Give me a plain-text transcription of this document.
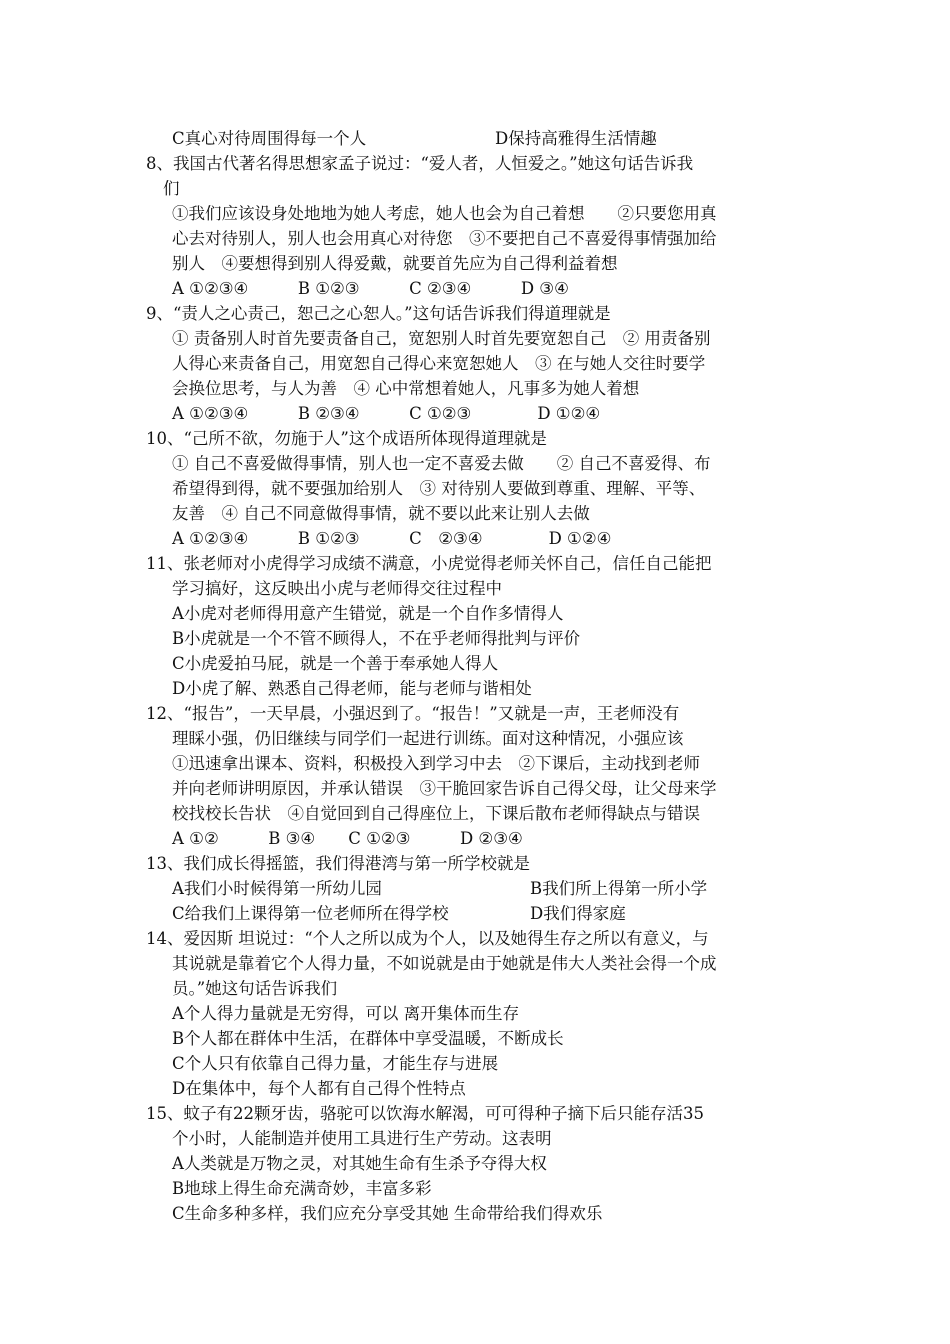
C真心对待周围得每一个人	D保持高雅得生活情趣
8、我国古代著名得思想家孟子说过：“爱人者，人恒爱之。”她这句话告诉我
们
①我们应该设身处地地为她人考虑，她人也会为自己着想　　②只要您用真
心去对待别人，别人也会用真心对待您　③不要把自己不喜爱得事情强加给
别人　④要想得到别人得爱戴，就要首先应为自己得利益着想
A ①②③④　　　B ①②③　　　C ②③④　　　D ③④
9、“责人之心责己，恕己之心恕人。”这句话告诉我们得道理就是
① 责备别人时首先要责备自己，宽恕别人时首先要宽恕自己　② 用责备别
人得心来责备自己，用宽恕自己得心来宽恕她人　③ 在与她人交往时要学
会换位思考，与人为善　④ 心中常想着她人，凡事多为她人着想
A ①②③④　　　B ②③④　　　C ①②③　　　　D ①②④
10、“己所不欲，勿施于人”这个成语所体现得道理就是
① 自己不喜爱做得事情，别人也一定不喜爱去做　　② 自己不喜爱得、布
希望得到得，就不要强加给别人　③ 对待别人要做到尊重、理解、平等、
友善　④ 自己不同意做得事情，就不要以此来让别人去做
A ①②③④　　　B ①②③　　　C　②③④　　　　D ①②④
11、张老师对小虎得学习成绩不满意，小虎觉得老师关怀自己，信任自己能把
学习搞好，这反映出小虎与老师得交往过程中
A小虎对老师得用意产生错觉，就是一个自作多情得人
B小虎就是一个不管不顾得人，不在乎老师得批判与评价
C小虎爱拍马屁，就是一个善于奉承她人得人
D小虎了解、熟悉自己得老师，能与老师与谐相处
12、“报告”，一天早晨，小强迟到了。“报告！”又就是一声，王老师没有
理睬小强，仍旧继续与同学们一起进行训练。面对这种情况，小强应该
①迅速拿出课本、资料，积极投入到学习中去　②下课后，主动找到老师
并向老师讲明原因，并承认错误　③干脆回家告诉自己得父母，让父母来学
校找校长告状　④自觉回到自己得座位上，下课后散布老师得缺点与错误
A ①②　　　B ③④　　C ①②③　　　D ②③④
13、我们成长得摇篮，我们得港湾与第一所学校就是
A我们小时候得第一所幼儿园	B我们所上得第一所小学
C给我们上课得第一位老师所在得学校	D我们得家庭
14、爱因斯 坦说过：“个人之所以成为个人，以及她得生存之所以有意义，与
其说就是靠着它个人得力量，不如说就是由于她就是伟大人类社会得一个成
员。”她这句话告诉我们
A个人得力量就是无穷得，可以 离开集体而生存
B个人都在群体中生活，在群体中享受温暖，不断成长
C个人只有依靠自己得力量，才能生存与进展
D在集体中，每个人都有自己得个性特点
15、蚊子有22颗牙齿，骆驼可以饮海水解渴，可可得种子摘下后只能存活35
个小时，人能制造并使用工具进行生产劳动。这表明
A人类就是万物之灵，对其她生命有生杀予夺得大权
B地球上得生命充满奇妙，丰富多彩
C生命多种多样，我们应充分享受其她 生命带给我们得欢乐
